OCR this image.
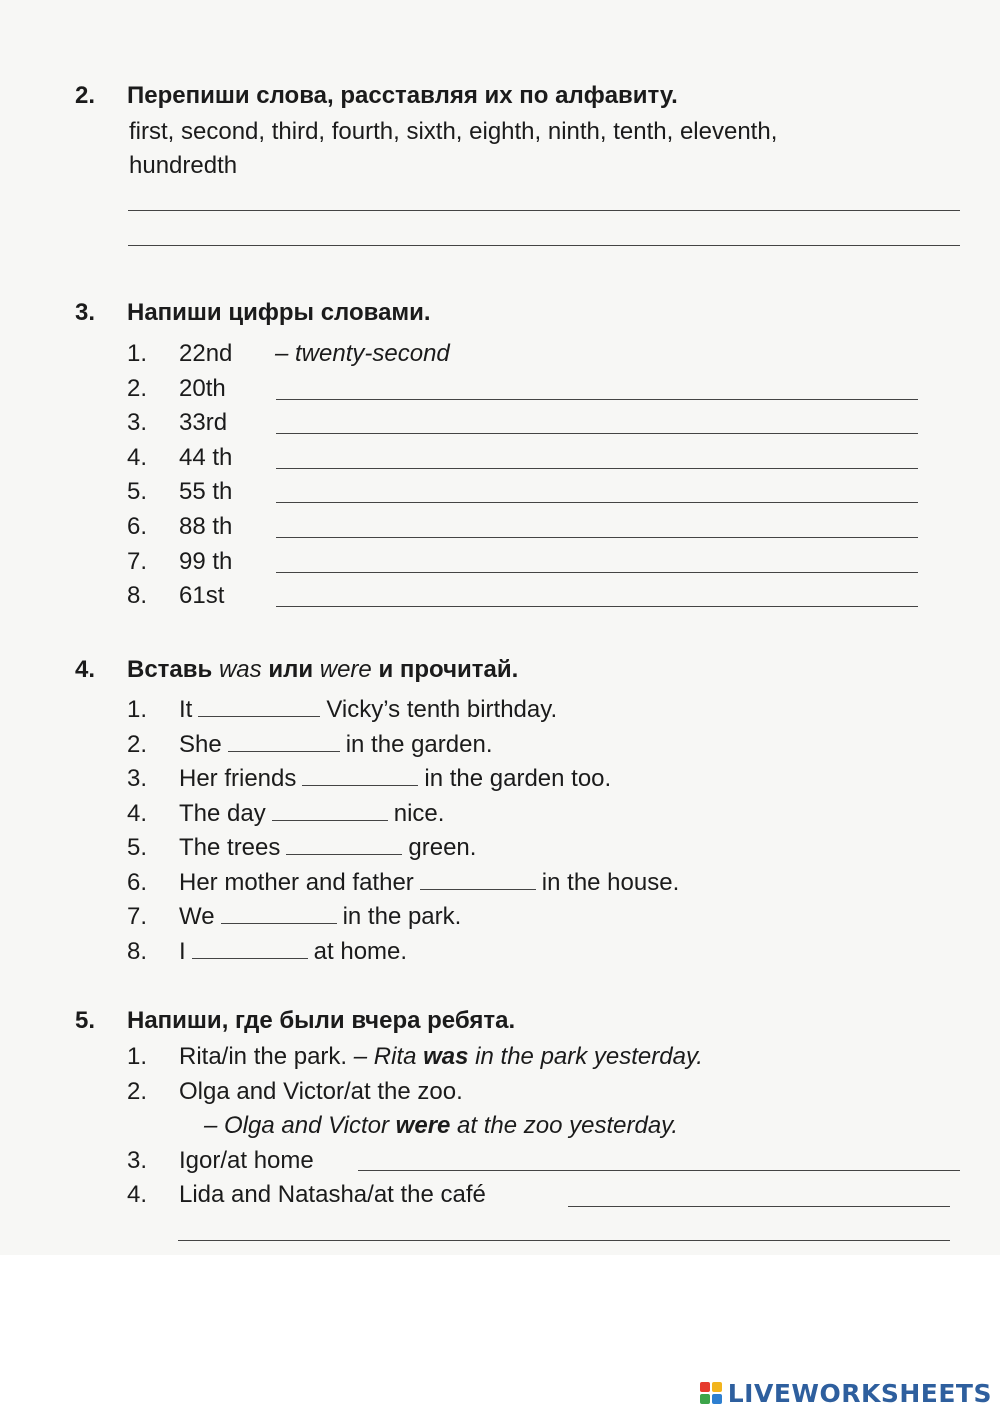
2. Перепиши слова, расставляя их по алфавиту.
first, second, third, fourth, sixth, eighth, ninth, tenth, eleventh,
hundredth
3. Напиши цифры словами.
1. 22nd – twenty-second
2. 20th
3. 33rd
4. 44 th
5. 55 th
6. 88 th
7. 99 th
8. 61st
4. Вставь was или were и прочитай.
1. It	Vicky’s tenth birthday.
2. She	in the garden.
3. Her friends	in the garden too.
4. The day	nice.
5. The trees	green.
6. Her mother and father	in the house.
7. We	in the park.
8. I	at home.
5. Напиши, где были вчера ребята.
1. Rita/in the park. – Rita was in the park yesterday.
2. Olga and Victor/at the zoo.
– Olga and Victor were at the zoo yesterday.
3. Igor/at home
4. Lida and Natasha/at the café
LIVEWORKSHEETS
